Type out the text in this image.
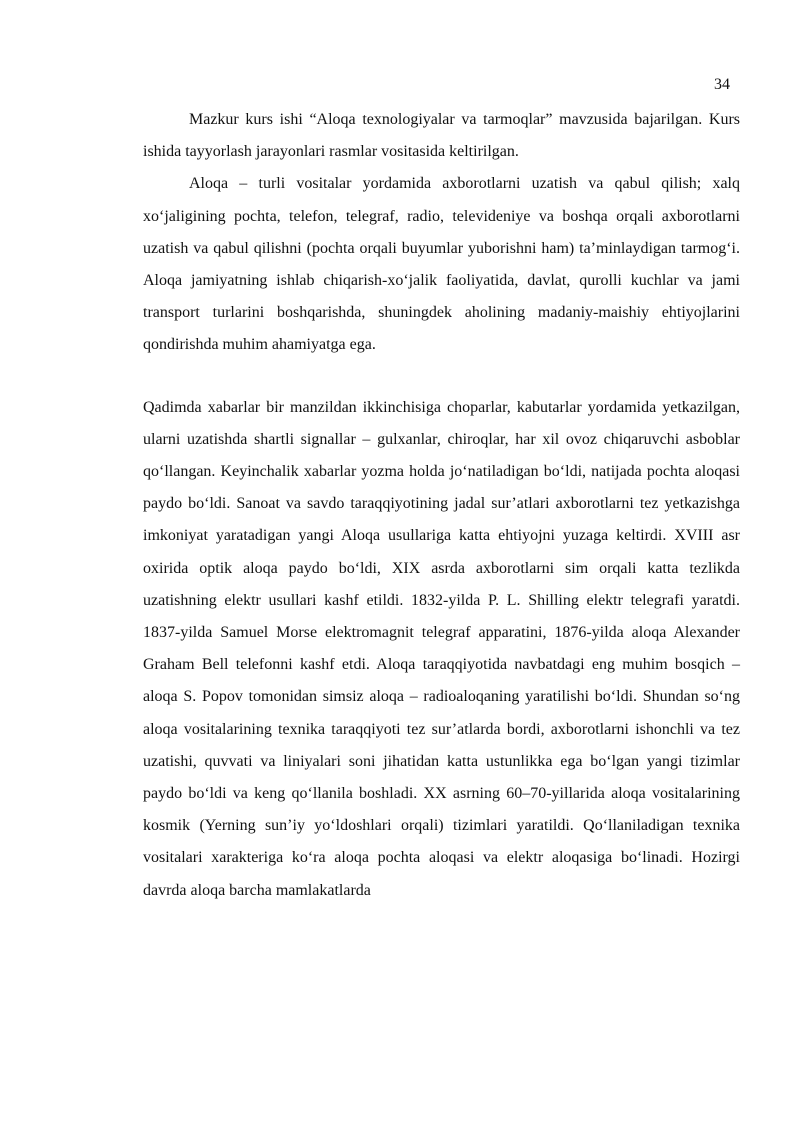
34

Mazkur kurs ishi “Aloqa texnologiyalar va tarmoqlar” mavzusida bajarilgan. Kurs ishida tayyorlash jarayonlari rasmlar vositasida keltirilgan.

Aloqa – turli vositalar yordamida axborotlarni uzatish va qabul qilish; xalq xo‘jaligining pochta, telefon, telegraf, radio, televideniye va boshqa orqali axborotlarni uzatish va qabul qilishni (pochta orqali buyumlar yuborishni ham) ta’minlaydigan tarmog‘i. Aloqa jamiyatning ishlab chiqarish-xo‘jalik faoliyatida, davlat, qurolli kuchlar va jami transport turlarini boshqarishda, shuningdek aholining madaniy-maishiy ehtiyojlarini qondirishda muhim ahamiyatga ega.

Qadimda xabarlar bir manzildan ikkinchisiga choparlar, kabutarlar yordamida yetkazilgan, ularni uzatishda shartli signallar – gulxanlar, chiroqlar, har xil ovoz chiqaruvchi asboblar qo‘llangan. Keyinchalik xabarlar yozma holda jo‘natiladigan bo‘ldi, natijada pochta aloqasi paydo bo‘ldi. Sanoat va savdo taraqqiyotining jadal sur’atlari axborotlarni tez yetkazishga imkoniyat yaratadigan yangi Aloqa usullariga katta ehtiyojni yuzaga keltirdi. XVIII asr oxirida optik aloqa paydo bo‘ldi, XIX asrda axborotlarni sim orqali katta tezlikda uzatishning elektr usullari kashf etildi. 1832-yilda P. L. Shilling elektr telegrafi yaratdi. 1837-yilda Samuel Morse elektromagnit telegraf apparatini, 1876-yilda aloqa Alexander Graham Bell telefonni kashf etdi. Aloqa taraqqiyotida navbatdagi eng muhim bosqich – aloqa S. Popov tomonidan simsiz aloqa – radioaloqaning yaratilishi bo‘ldi. Shundan so‘ng aloqa vositalarining texnika taraqqiyoti tez sur’atlarda bordi, axborotlarni ishonchli va tez uzatishi, quvvati va liniyalari soni jihatidan katta ustunlikka ega bo‘lgan yangi tizimlar paydo bo‘ldi va keng qo‘llanila boshladi. XX asrning 60–70-yillarida aloqa vositalarining kosmik (Yerning sun’iy yo‘ldoshlari orqali) tizimlari yaratildi. Qo‘llaniladigan texnika vositalari xarakteriga ko‘ra aloqa pochta aloqasi va elektr aloqasiga bo‘linadi. Hozirgi davrda aloqa barcha mamlakatlarda
